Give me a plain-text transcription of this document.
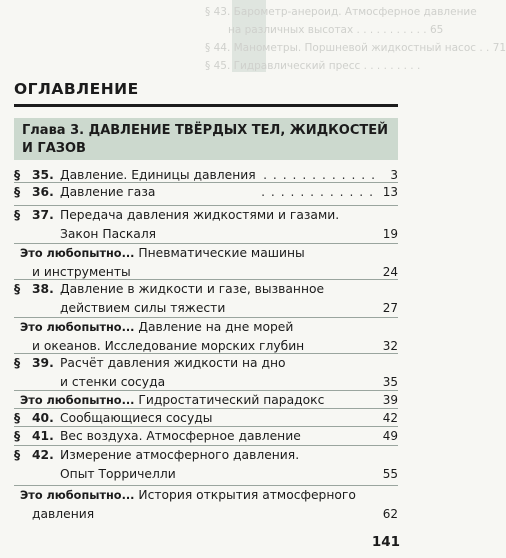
§ 43. Барометр-анероид. Атмосферное давление
на различных высотах . . . . . . . . . . . 65
§ 44. Манометры. Поршневой жидкостный насос . . 71
§ 45. Гидравлический пресс . . . . . . . . .
ОГЛАВЛЕНИЕ
Глава 3. ДАВЛЕНИЕ ТВЁРДЫХ ТЕЛ, ЖИДКОСТЕЙ И ГАЗОВ
§ 35. Давление. Единицы давления . . . . . . . . . . . . 3
§ 36. Давление газа	. . . . . . . . . . . . 13
§ 37. Передача давления жидкостями и газами.
Закон Паскаля	19
Это любопытно... Пневматические машины
и инструменты	24
§ 38. Давление в жидкости и газе, вызванное
действием силы тяжести	27
Это любопытно... Давление на дне морей
и океанов. Исследование морских глубин	32
§ 39. Расчёт давления жидкости на дно
и стенки сосуда	35
Это любопытно... Гидростатический парадокс	39
§ 40. Сообщающиеся сосуды	42
§ 41. Вес воздуха. Атмосферное давление	49
§ 42. Измерение атмосферного давления.
Опыт Торричелли	55
Это любопытно... История открытия атмосферного
давления	62
141
